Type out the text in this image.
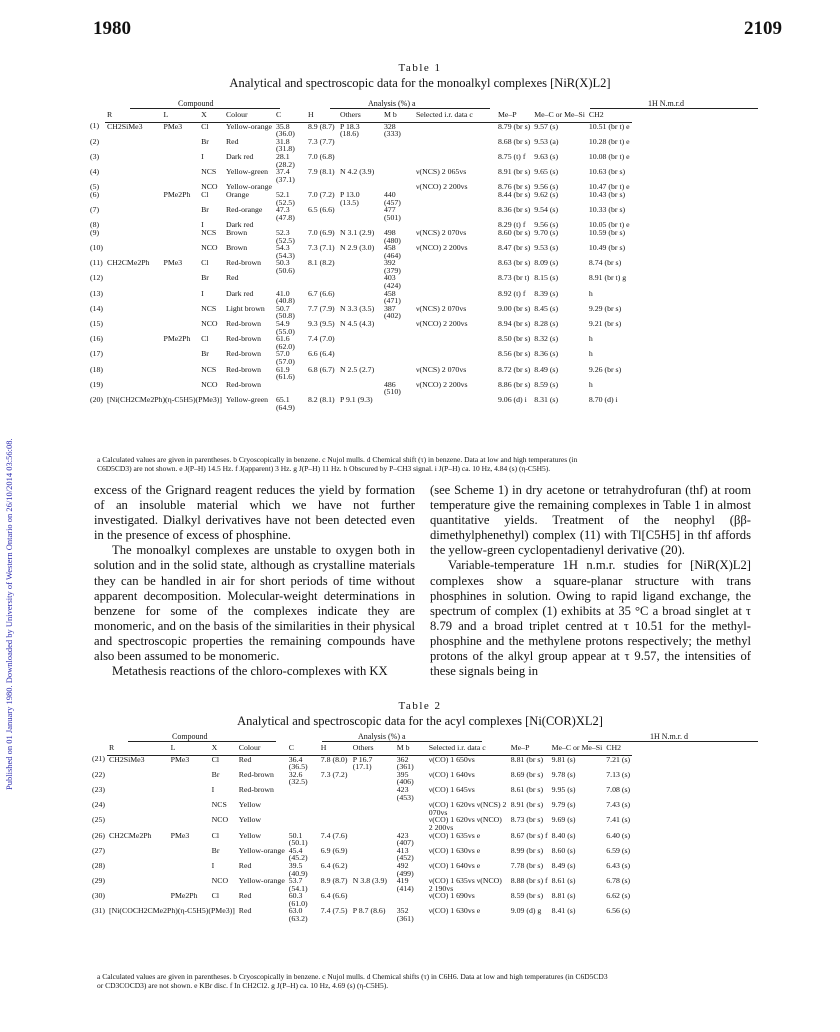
Published on 01 January 1980. Downloaded by University of Western Ontario on 26/10/2014 03:56:08.
1980	2109
Table 1
Analytical and spectroscopic data for the monoalkyl complexes [NiR(X)L2]
Compound	Analysis (%) a	1H N.m.r.d
	R	L	X	Colour	C	H	Others	M b	Selected i.r. data c	Me–P	Me–C or Me–Si	CH2
(1)	CH2SiMe3	PMe3	Cl	Yellow-orange	35.8 (36.0)	8.9 (8.7)	P 18.3 (18.6)	328 (333)		8.79 (br s)	9.57 (s)	10.51 (br t) e
(2)			Br	Red	31.8 (31.8)	7.3 (7.7)				8.68 (br s)	9.53 (a)	10.28 (br t) e
(3)			I	Dark red	28.1 (28.2)	7.0 (6.8)				8.75 (t) f	9.63 (s)	10.08 (br t) e
(4)			NCS	Yellow-green	37.4 (37.1)	7.9 (8.1)	N 4.2 (3.9)		ν(NCS) 2 065vs	8.91 (br s)	9.65 (s)	10.63 (br s)
(5)			NCO	Yellow-orange					ν(NCO) 2 200vs	8.76 (br s)	9.56 (s)	10.47 (br t) e
(6)		PMe2Ph	Cl	Orange	52.1 (52.5)	7.0 (7.2)	P 13.0 (13.5)	440 (457)		8.44 (br s)	9.62 (s)	10.43 (br s)
(7)			Br	Red-orange	47.3 (47.8)	6.5 (6.6)		477 (501)		8.36 (br s)	9.54 (s)	10.33 (br s)
(8)			I	Dark red						8.29 (t) f	9.56 (s)	10.05 (br t) e
(9)			NCS	Brown	52.3 (52.5)	7.0 (6.9)	N 3.1 (2.9)	498 (480)	ν(NCS) 2 070vs	8.60 (br s)	9.70 (s)	10.59 (br s)
(10)			NCO	Brown	54.3 (54.3)	7.3 (7.1)	N 2.9 (3.0)	458 (464)	ν(NCO) 2 200vs	8.47 (br s)	9.53 (s)	10.49 (br s)
(11)	CH2CMe2Ph	PMe3	Cl	Red-brown	50.3 (50.6)	8.1 (8.2)		392 (379)		8.63 (br s)	8.09 (s)	8.74 (br s)
(12)			Br	Red				403 (424)		8.73 (br t)	8.15 (s)	8.91 (br t) g
(13)			I	Dark red	41.0 (40.8)	6.7 (6.6)		458 (471)		8.92 (t) f	8.39 (s)	h
(14)			NCS	Light brown	50.7 (50.8)	7.7 (7.9)	N 3.3 (3.5)	387 (402)	ν(NCS) 2 070vs	9.00 (br s)	8.45 (s)	9.29 (br s)
(15)			NCO	Red-brown	54.9 (55.0)	9.3 (9.5)	N 4.5 (4.3)		ν(NCO) 2 200vs	8.94 (br s)	8.28 (s)	9.21 (br s)
(16)		PMe2Ph	Cl	Red-brown	61.6 (62.0)	7.4 (7.0)				8.50 (br s)	8.32 (s)	h
(17)			Br	Red-brown	57.0 (57.0)	6.6 (6.4)				8.56 (br s)	8.36 (s)	h
(18)			NCS	Red-brown	61.9 (61.6)	6.8 (6.7)	N 2.5 (2.7)		ν(NCS) 2 070vs	8.72 (br s)	8.49 (s)	9.26 (br s)
(19)			NCO	Red-brown				486 (510)	ν(NCO) 2 200vs	8.86 (br s)	8.59 (s)	h
(20)	[Ni(CH2CMe2Ph)(η-C5H5)(PMe3)]			Yellow-green	65.1 (64.9)	8.2 (8.1)	P 9.1 (9.3)			9.06 (d) i	8.31 (s)	8.70 (d) i
a Calculated values are given in parentheses. b Cryoscopically in benzene. c Nujol mulls. d Chemical shift (τ) in benzene. Data at low and high temperatures (in
C6D5CD3) are not shown. e J(P–H) 14.5 Hz. f J(apparent) 3 Hz. g J(P–H) 11 Hz. h Obscured by P–CH3 signal. i J(P–H) ca. 10 Hz, 4.84 (s) (η-C5H5).

excess of the Grignard reagent reduces the yield by formation of an insoluble material which we have not further investigated. Dialkyl derivatives have not been detected even in the presence of excess of phosphine.

The monoalkyl complexes are unstable to oxygen both in solution and in the solid state, although as crystalline materials they can be handled in air for short periods of time without apparent decomposition. Molecular-weight determinations in benzene for some of the complexes indicate they are monomeric, and on the basis of the similarities in their physical and spectroscopic properties the remaining compounds have also been assumed to be monomeric.

Metathesis reactions of the chloro-complexes with KX

(see Scheme 1) in dry acetone or tetrahydrofuran (thf) at room temperature give the remaining complexes in Table 1 in almost quantitative yields. Treatment of the neophyl (ββ-dimethylphenethyl) complex (11) with Tl[C5H5] in thf affords the yellow-green cyclopentadienyl derivative (20).

Variable-temperature 1H n.m.r. studies for [NiR(X)L2] complexes show a square-planar structure with trans phosphines in solution. Owing to rapid ligand exchange, the spectrum of complex (1) exhibits at 35 °C a broad singlet at τ 8.79 and a broad triplet centred at τ 10.51 for the methyl-phosphine and the methylene protons respectively; the methyl protons of the alkyl group appear at τ 9.57, the intensities of these signals being in

Table 2
Analytical and spectroscopic data for the acyl complexes [Ni(COR)XL2]
Compound	Analysis (%) a	1H N.m.r. d
	R	L	X	Colour	C	H	Others	M b	Selected i.r. data c	Me–P	Me–C or Me–Si	CH2
(21)	CH2SiMe3	PMe3	Cl	Red	36.4 (36.5)	7.8 (8.0)	P 16.7 (17.1)	362 (361)	ν(CO) 1 650vs	8.81 (br s)	9.81 (s)	7.21 (s)
(22)			Br	Red-brown	32.6 (32.5)	7.3 (7.2)		395 (406)	ν(CO) 1 640vs	8.69 (br s)	9.78 (s)	7.13 (s)
(23)			I	Red-brown				423 (453)	ν(CO) 1 645vs	8.61 (br s)	9.95 (s)	7.08 (s)
(24)			NCS	Yellow					ν(CO) 1 620vs ν(NCS) 2 070vs	8.91 (br s)	9.79 (s)	7.43 (s)
(25)			NCO	Yellow					ν(CO) 1 620vs ν(NCO) 2 200vs	8.73 (br s)	9.69 (s)	7.41 (s)
(26)	CH2CMe2Ph	PMe3	Cl	Yellow	50.1 (50.1)	7.4 (7.6)		423 (407)	ν(CO) 1 635vs e	8.67 (br s) f	8.40 (s)	6.40 (s)
(27)			Br	Yellow-orange	45.4 (45.2)	6.9 (6.9)		413 (452)	ν(CO) 1 630vs e	8.99 (br s)	8.60 (s)	6.59 (s)
(28)			I	Red	39.5 (40.9)	6.4 (6.2)		492 (499)	ν(CO) 1 640vs e	7.78 (br s)	8.49 (s)	6.43 (s)
(29)			NCO	Yellow-orange	53.7 (54.1)	8.9 (8.7)	N 3.8 (3.9)	419 (414)	ν(CO) 1 635vs ν(NCO) 2 190vs	8.88 (br s) f	8.61 (s)	6.78 (s)
(30)		PMe2Ph	Cl	Red	60.3 (61.0)	6.4 (6.6)			ν(CO) 1 690vs	8.59 (br s)	8.81 (s)	6.62 (s)
(31)	[Ni(COCH2CMe2Ph)(η-C5H5)(PMe3)]			Red	63.0 (63.2)	7.4 (7.5)	P 8.7 (8.6)	352 (361)	ν(CO) 1 630vs e	9.09 (d) g	8.41 (s)	6.56 (s)
a Calculated values are given in parentheses. b Cryoscopically in benzene. c Nujol mulls. d Chemical shifts (τ) in C6H6. Data at low and high temperatures (in C6D5CD3
or CD3COCD3) are not shown. e KBr disc. f In CH2Cl2. g J(P–H) ca. 10 Hz, 4.69 (s) (η-C5H5).
